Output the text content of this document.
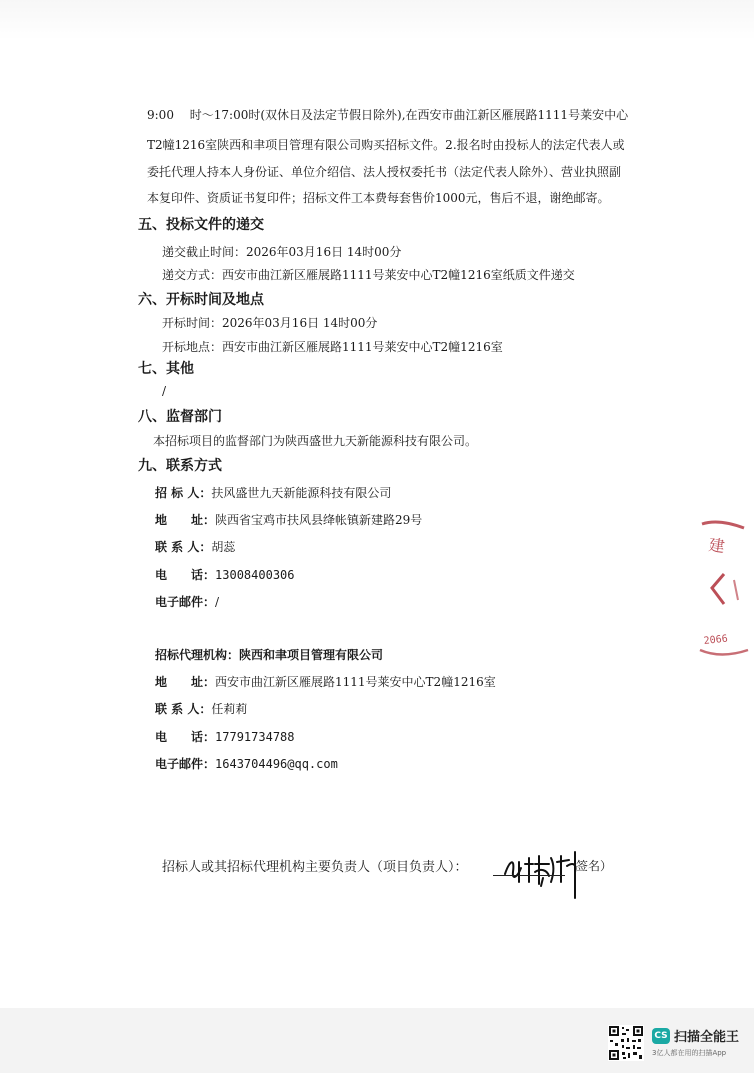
9:00　 时～17:00时(双休日及法定节假日除外),在西安市曲江新区雁展路1111号莱安中心
T2幢1216室陕西和聿项目管理有限公司购买招标文件。2.报名时由投标人的法定代表人或
委托代理人持本人身份证、单位介绍信、法人授权委托书（法定代表人除外）、营业执照副
本复印件、资质证书复印件；招标文件工本费每套售价1000元，售后不退，谢绝邮寄。
五、投标文件的递交
递交截止时间：2026年03月16日 14时00分
递交方式：西安市曲江新区雁展路1111号莱安中心T2幢1216室纸质文件递交
六、开标时间及地点
开标时间：2026年03月16日 14时00分
开标地点：西安市曲江新区雁展路1111号莱安中心T2幢1216室
七、其他
/
八、监督部门
本招标项目的监督部门为陕西盛世九天新能源科技有限公司。
九、联系方式
招 标 人：扶风盛世九天新能源科技有限公司
地　　址：陕西省宝鸡市扶风县绛帐镇新建路29号
联 系 人：胡蕊
电　　话：13008400306
电子邮件：/
招标代理机构：陕西和聿项目管理有限公司
地　　址：西安市曲江新区雁展路1111号莱安中心T2幢1216室
联 系 人：任莉莉
电　　话：17791734788
电子邮件：1643704496@qq.com
招标人或其招标代理机构主要负责人（项目负责人）：	签名）
建
2066
CS 扫描全能王
3亿人都在用的扫描App
